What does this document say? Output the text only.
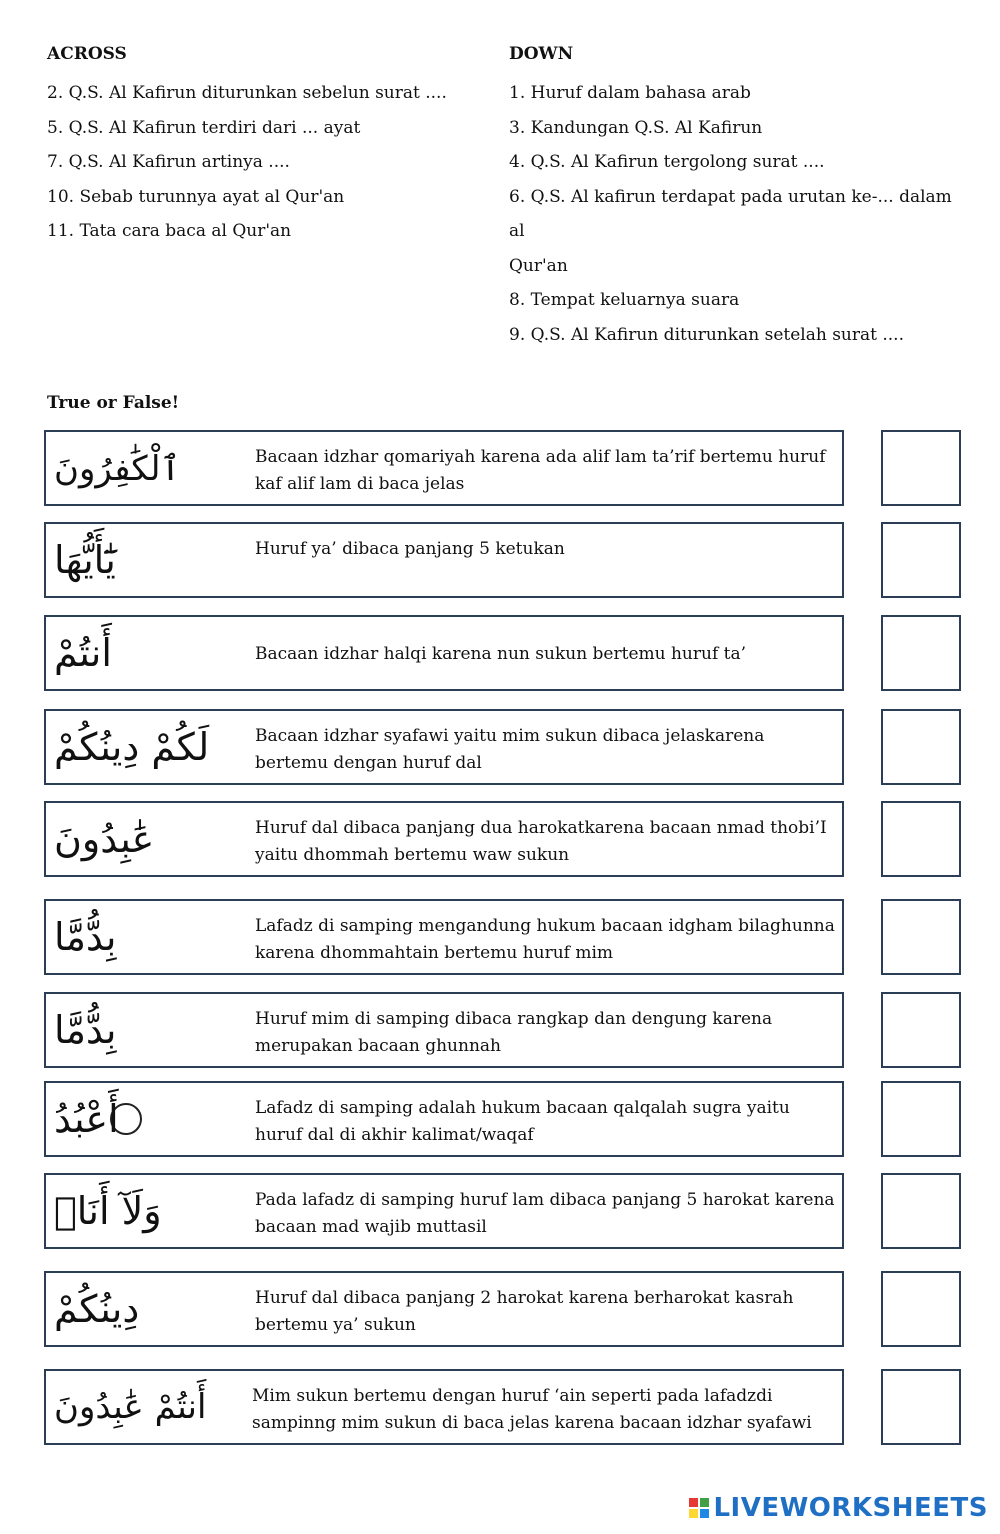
ACROSS

2. Q.S. Al Kafirun diturunkan sebelun surat ....

5. Q.S. Al Kafirun terdiri dari ... ayat

7. Q.S. Al Kafirun artinya ....

10. Sebab turunnya ayat al Qur'an

11. Tata cara baca al Qur'an

DOWN

1. Huruf dalam bahasa arab

3. Kandungan Q.S. Al Kafirun

4. Q.S. Al Kafirun tergolong surat ....

6. Q.S. Al kafirun terdapat pada urutan ke-... dalam al

Qur'an

8. Tempat keluarnya suara

9. Q.S. Al Kafirun diturunkan setelah surat ....

True or False!
ٱلْكَٰفِرُونَ	Bacaan idzhar qomariyah karena ada alif lam ta’rif bertemu huruf kaf alif lam di baca jelas
يَٰٓأَيُّهَا	Huruf ya’ dibaca panjang 5 ketukan
أَنتُمْ	Bacaan idzhar halqi karena nun sukun bertemu huruf ta’
لَكُمْ دِينُكُمْ	Bacaan idzhar syafawi yaitu mim sukun dibaca jelaskarena bertemu dengan huruf dal
عَٰبِدُونَ	Huruf dal dibaca panjang dua harokatkarena bacaan nmad thobi’I yaitu dhommah bertemu waw sukun
بِدُّمَّا	Lafadz di samping mengandung hukum bacaan idgham bilaghunna karena dhommahtain bertemu huruf mim
بِدُّمَّا	Huruf mim di samping dibaca rangkap dan dengung karena merupakan bacaan ghunnah
أَعْبُدُ	Lafadz di samping adalah hukum bacaan qalqalah sugra yaitu huruf dal di akhir kalimat/waqaf
وَلَآ أَنَا۠	Pada lafadz di samping huruf lam dibaca panjang 5 harokat karena bacaan mad wajib muttasil
دِينُكُمْ	Huruf dal dibaca panjang 2 harokat karena berharokat kasrah bertemu ya’ sukun
أَنتُمْ عَٰبِدُونَ	Mim sukun bertemu dengan huruf ‘ain seperti pada lafadzdi sampinng mim sukun di baca jelas karena bacaan idzhar syafawi
LIVEWORKSHEETS
